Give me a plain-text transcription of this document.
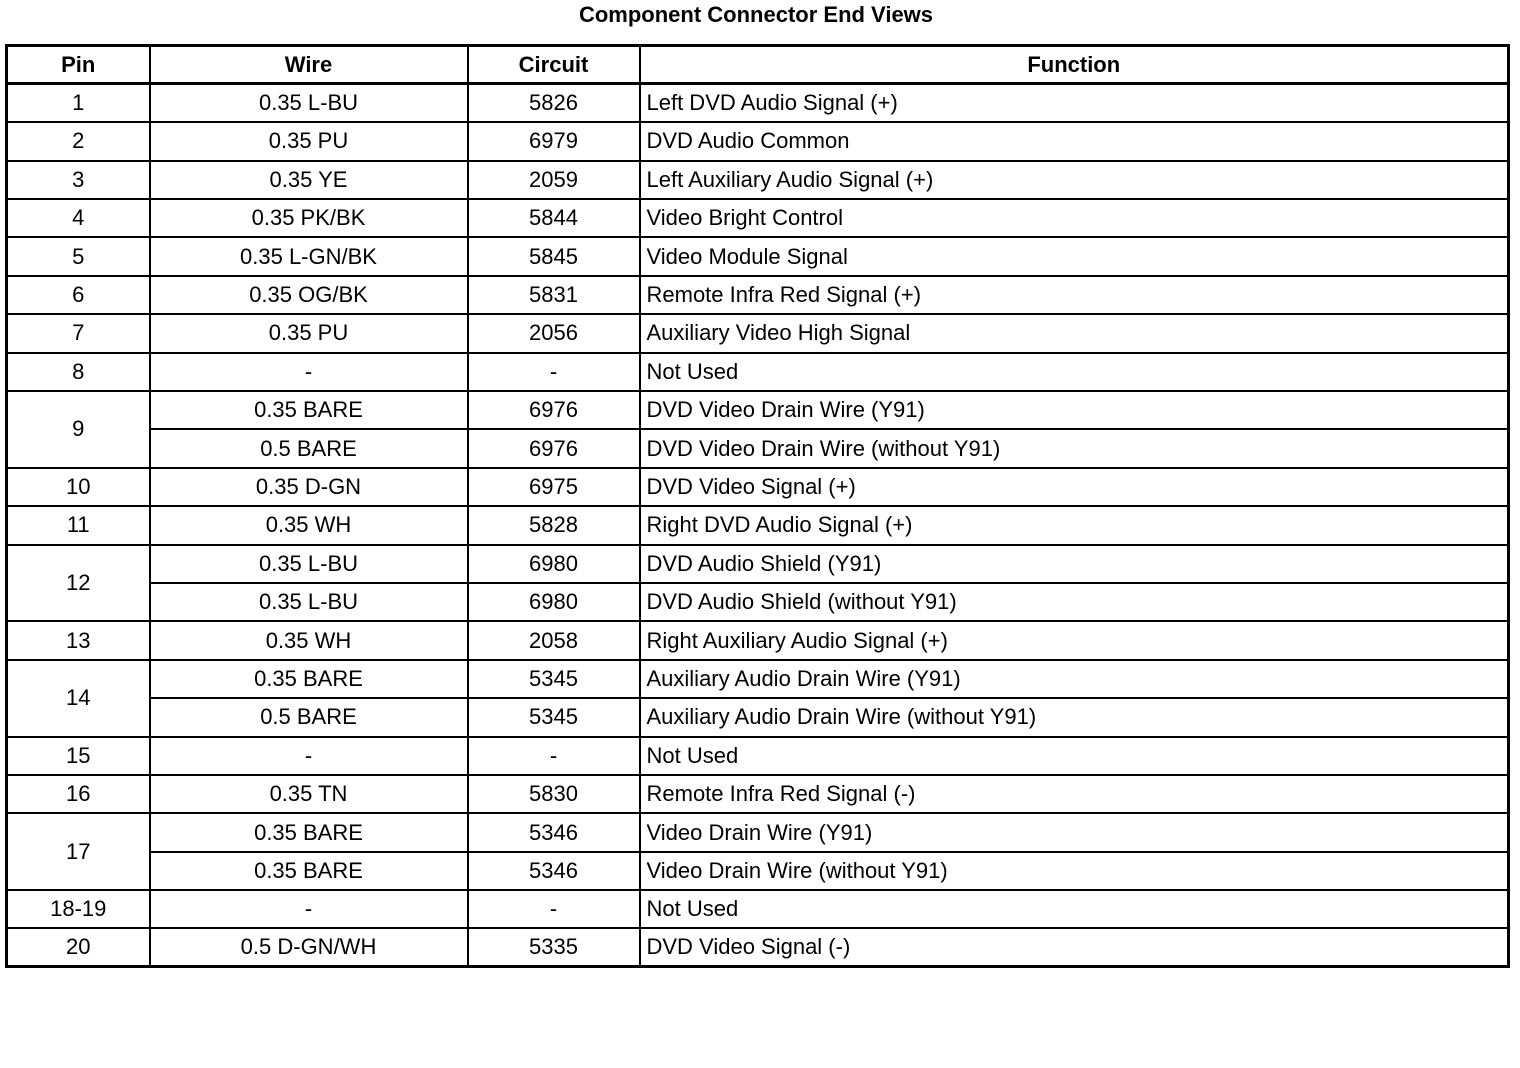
Component Connector End Views
Pin	Wire	Circuit	Function
1	0.35 L-BU	5826	Left DVD Audio Signal (+)
2	0.35 PU	6979	DVD Audio Common
3	0.35 YE	2059	Left Auxiliary Audio Signal (+)
4	0.35 PK/BK	5844	Video Bright Control
5	0.35 L-GN/BK	5845	Video Module Signal
6	0.35 OG/BK	5831	Remote Infra Red Signal (+)
7	0.35 PU	2056	Auxiliary Video High Signal
8	-	-	Not Used
9	0.35 BARE	6976	DVD Video Drain Wire (Y91)
	0.5 BARE	6976	DVD Video Drain Wire (without Y91)
10	0.35 D-GN	6975	DVD Video Signal (+)
11	0.35 WH	5828	Right DVD Audio Signal (+)
12	0.35 L-BU	6980	DVD Audio Shield (Y91)
	0.35 L-BU	6980	DVD Audio Shield (without Y91)
13	0.35 WH	2058	Right Auxiliary Audio Signal (+)
14	0.35 BARE	5345	Auxiliary Audio Drain Wire (Y91)
	0.5 BARE	5345	Auxiliary Audio Drain Wire (without Y91)
15	-	-	Not Used
16	0.35 TN	5830	Remote Infra Red Signal (-)
17	0.35 BARE	5346	Video Drain Wire (Y91)
	0.35 BARE	5346	Video Drain Wire (without Y91)
18-19	-	-	Not Used
20	0.5 D-GN/WH	5335	DVD Video Signal (-)
